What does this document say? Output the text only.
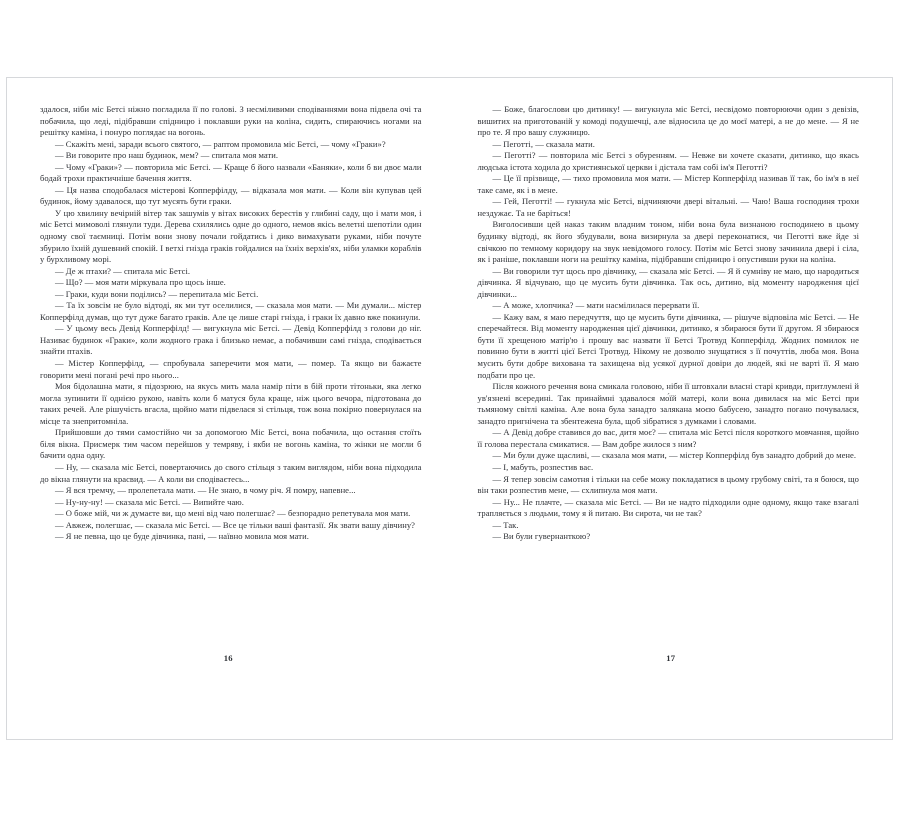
здалося, ніби міс Бетсі ніжно погладила її по голові. З несміливими сподіваннями вона підвела очі та побачила, що леді, підібравши спідницю і поклавши руки на коліна, сидить, спираючись ногами на решітку каміна, і понуро поглядає на вогонь.

— Скажіть мені, заради всього святого, — раптом промовила міс Бетсі, — чому «Граки»?

— Ви говорите про наш будинок, мем? — спитала моя мати.

— Чому «Граки»? — повторила міс Бетсі. — Краще б його назвали «Баняки», коли б ви двоє мали бодай трохи практичніше бачення життя.

— Ця назва сподобалася містерові Копперфілду, — відказала моя мати. — Коли він купував цей будинок, йому здавалося, що тут мусять бути граки.

У цю хвилину вечірній вітер так зашумів у вітах високих берестів у глибині саду, що і мати моя, і міс Бетсі мимоволі глянули туди. Дерева схилялись одне до одного, немов якісь велетні шепотіли один одному свої таємниці. Потім вони знову почали гойдатись і дико вимахувати руками, ніби почуте збурило їхній душевний спокій. І ветхі гнізда граків гойдалися на їхніх верхів'ях, ніби уламки кораблів у бурхливому морі.

— Де ж птахи? — спитала міс Бетсі.

— Що? — моя мати міркувала про щось інше.

— Граки, куди вони поділись? — перепитала міс Бетсі.

— Та їх зовсім не було відтоді, як ми тут оселилися, — сказала моя мати. — Ми думали... містер Копперфілд думав, що тут дуже багато граків. Але це лише старі гнізда, і граки їх давно вже покинули.

— У цьому весь Девід Копперфілд! — вигукнула міс Бетсі. — Девід Копперфілд з голови до ніг. Називає будинок «Граки», коли жодного грака і близько немає, а побачивши самі гнізда, сподівається знайти птахів.

— Містер Копперфілд, — спробувала заперечити моя мати, — помер. Та якщо ви бажаєте говорити мені погані речі про нього...

Моя бідолашна мати, я підозрюю, на якусь мить мала намір піти в бій проти тітоньки, яка легко могла зупинити її однією рукою, навіть коли б матуся була краще, ніж цього вечора, підготована до таких речей. Але рішучість вгасла, щойно мати підвелася зі стільця, тож вона покірно повернулася на місце та знепритомніла.

Прийшовши до тями самостійно чи за допомогою Міс Бетсі, вона побачила, що остання стоїть біля вікна. Присмерк тим часом перейшов у темряву, і якби не вогонь каміна, то жінки не могли б бачити одна одну.

— Ну, — сказала міс Бетсі, повертаючись до свого стільця з таким виглядом, ніби вона підходила до вікна глянути на красвид. — А коли ви сподіваєтесь...

— Я вся тремчу, — пролепетала мати. — Не знаю, в чому річ. Я помру, напевне...

— Ну-ну-ну! — сказала міс Бетсі. — Випийте чаю.

— О боже мій, чи ж думаєте ви, що мені від чаю полегшає? — безпорадно репетувала моя мати.

— Авжеж, полегшає, — сказала міс Бетсі. — Все це тільки ваші фантазії. Як звати вашу дівчину?

— Я не певна, що це буде дівчинка, пані, — наївно мовила моя мати.

16

— Боже, благослови цю дитинку! — вигукнула міс Бетсі, несвідомо повторюючи один з девізів, вишитих на приготованій у комоді подушечці, але відносила це до моєї матері, а не до мене. — Я не про те. Я про вашу служницю.

— Пеготті, — сказала мати.

— Пеготті? — повторила міс Бетсі з обуренням. — Невже ви хочете сказати, дитинко, що якась людська істота ходила до християнської церкви і дістала там собі ім'я Пеготті?

— Це її прізвище, — тихо промовила моя мати. — Містер Копперфілд називав її так, бо ім'я в неї таке саме, як і в мене.

— Гей, Пеготті! — гукнула міс Бетсі, відчиняючи двері вітальні. — Чаю! Ваша господиня трохи нездужає. Та не баріться!

Виголосивши цей наказ таким владним тоном, ніби вона була визнаною господинею в цьому будинку відтоді, як його збудували, вона визирнула за двері переконатися, чи Пеготті вже йде зі свічкою по темному коридору на звук невідомого голосу. Потім міс Бетсі знову зачинила двері і сіла, як і раніше, поклавши ноги на решітку каміна, підібравши спідницю і опустивши руки на коліна.

— Ви говорили тут щось про дівчинку, — сказала міс Бетсі. — Я й сумніву не маю, що народиться дівчинка. Я відчуваю, що це мусить бути дівчинка. Так ось, дитино, від моменту народження цієї дівчинки...

— А може, хлопчика? — мати насмілилася перервати її.

— Кажу вам, я маю передчуття, що це мусить бути дівчинка, — рішуче відповіла міс Бетсі. — Не сперечайтеся. Від моменту народження цієї дівчинки, дитинко, я збираюся бути її другом. Я збираюся бути її хрещеною матір'ю і прошу вас назвати її Бетсі Тротвуд Копперфілд. Жодних помилок не повинно бути в житті цієї Бетсі Тротвуд. Нікому не дозволю знущатися з її почуттів, люба моя. Вона мусить бути добре вихована та захищена від усякої дурної довіри до людей, які не варті її. Я маю подбати про це.

Після кожного речення вона смикала головою, ніби її штовхали власні старі кривди, притлумлені й ув'язнені всередині. Так принаймні здавалося мо́їй матері, коли вона дивилася на міс Бетсі при тьмяному світлі каміна. Але вона була занадто залякана моєю бабусею, занадто погано почувалася, занадто пригнічена та збентежена була, щоб зібратися з думками і словами.

— А Девід добре ставився до вас, дитя моє? — спитала міс Бетсі після короткого мовчання, щойно її голова перестала смикатися. — Вам добре жилося з ним?

— Ми були дуже щасливі, — сказала моя мати, — містер Копперфілд був занадто добрий до мене.

— І, мабуть, розпестив вас.

— Я тепер зовсім самотня і тільки на себе можу покладатися в цьому грубому світі, та я боюся, що він таки розпестив мене, — схлипнула моя мати.

— Ну... Не плачте, — сказала міс Бетсі. — Ви не надто підходили одне одному, якщо таке взагалі трапляється з людьми, тому я й питаю. Ви сирота, чи не так?

— Так.

— Ви були гувернанткою?

17
